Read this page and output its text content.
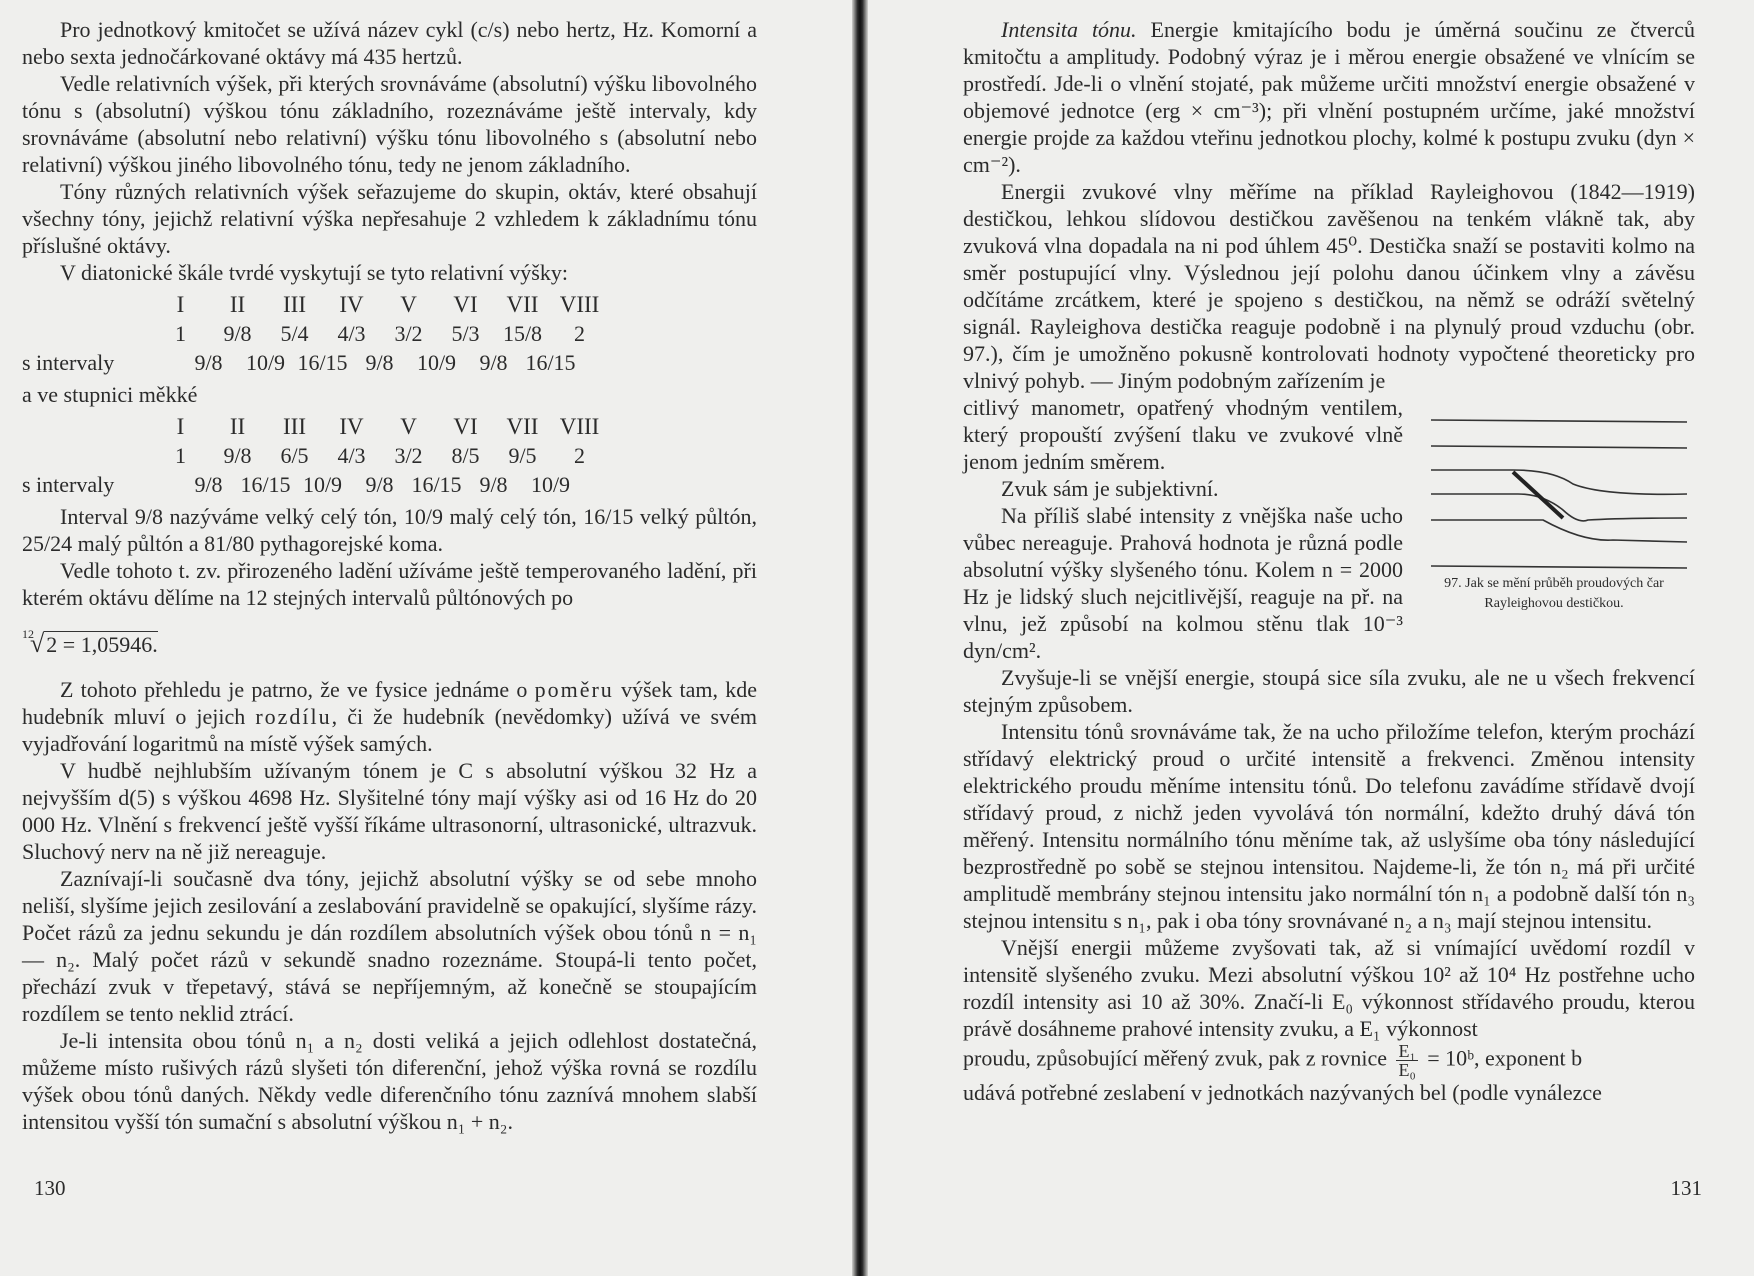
Pro jednotkový kmitočet se užívá název cykl (c/s) nebo hertz, Hz. Komorní a nebo sexta jednočárkované oktávy má 435 hertzů.

Vedle relativních výšek, při kterých srovnáváme (absolutní) výšku libovolného tónu s (absolutní) výškou tónu základního, rozeznáváme ještě intervaly, kdy srovnáváme (absolutní nebo relativní) výšku tónu libovolného s (absolutní nebo relativní) výškou jiného libovolného tónu, tedy ne jenom základního.

Tóny různých relativních výšek seřazujeme do skupin, oktáv, které obsahují všechny tóny, jejichž relativní výška nepřesahuje 2 vzhledem k základnímu tónu příslušné oktávy.

V diatonické škále tvrdé vyskytují se tyto relativní výšky:

I	II	III	IV	V	VI	VII VIII
1	9/8	5/4	4/3	3/2	5/3	15/8	2
s intervaly	9/8	10/9 16/15 9/8	10/9	9/8 16/15

a ve stupnici měkké

I	II	III	IV	V	VI	VII VIII
1	9/8	6/5	4/3	3/2	8/5	9/5	2
s intervaly	9/8 16/15 10/9	9/8 16/15 9/8	10/9

Interval 9/8 nazýváme velký celý tón, 10/9 malý celý tón, 16/15 velký půltón, 25/24 malý půltón a 81/80 pythagorejské koma.

Vedle tohoto t. zv. přirozeného ladění užíváme ještě temperovaného ladění, při kterém oktávu dělíme na 12 stejných intervalů půltónových po

$^{12}$√2 = 1,05946.

Z tohoto přehledu je patrno, že ve fysice jednáme o poměru výšek tam, kde hudebník mluví o jejich rozdílu, či že hudebník (nevědomky) užívá ve svém vyjadřování logaritmů na místě výšek samých.

V hudbě nejhlubším užívaným tónem je C s absolutní výškou 32 Hz a nejvyšším d(5) s výškou 4698 Hz. Slyšitelné tóny mají výšky asi od 16 Hz do 20 000 Hz. Vlnění s frekvencí ještě vyšší říkáme ultrasonorní, ultrasonické, ultrazvuk. Sluchový nerv na ně již nereaguje.

Zaznívají-li současně dva tóny, jejichž absolutní výšky se od sebe mnoho neliší, slyšíme jejich zesilování a zeslabování pravidelně se opakující, slyšíme rázy. Počet rázů za jednu sekundu je dán rozdílem absolutních výšek obou tónů n = n₁ — n₂. Malý počet rázů v sekundě snadno rozeznáme. Stoupá-li tento počet, přechází zvuk v třepetavý, stává se nepříjemným, až konečně se stoupajícím rozdílem se tento neklid ztrácí.

Je-li intensita obou tónů n₁ a n₂ dosti veliká a jejich odlehlost dostatečná, můžeme místo rušivých rázů slyšeti tón diferenční, jehož výška rovná se rozdílu výšek obou tónů daných. Někdy vedle diferenčního tónu zaznívá mnohem slabší intensitou vyšší tón sumační s absolutní výškou n₁ + n₂.

130

Intensita tónu. Energie kmitajícího bodu je úměrná součinu ze čtverců kmitočtu a amplitudy. Podobný výraz je i měrou energie obsažené ve vlnícím se prostředí. Jde-li o vlnění stojaté, pak můžeme určiti množství energie obsažené v objemové jednotce (erg × cm⁻³); při vlnění postupném určíme, jaké množství energie projde za každou vteřinu jednotkou plochy, kolmé k postupu zvuku (dyn × cm⁻²).

Energii zvukové vlny měříme na příklad Rayleighovou (1842—1919) destičkou, lehkou slídovou destičkou zavěšenou na tenkém vlákně tak, aby zvuková vlna dopadala na ni pod úhlem 45⁰. Destička snaží se postaviti kolmo na směr postupující vlny. Výslednou její polohu danou účinkem vlny a závěsu odčítáme zrcátkem, které je spojeno s destičkou, na němž se odráží světelný signál. Rayleighova destička reaguje podobně i na plynulý proud vzduchu (obr. 97.), čím je umožněno pokusně kontrolovati hodnoty vypočtené theoreticky pro vlnivý pohyb. — Jiným podobným zařízením je

citlivý manometr, opatřený vhodným ventilem, který propouští zvýšení tlaku ve zvukové vlně jenom jedním směrem.

Zvuk sám je subjektivní.

Na příliš slabé intensity z vnějška naše ucho vůbec nereaguje. Prahová hodnota je různá podle absolutní výšky slyšeného tónu. Kolem n = 2000 Hz je lidský sluch nejcitlivější, reaguje na př. na vlnu, jež způsobí na kolmou stěnu tlak 10⁻³ dyn/cm².

97. Jak se mění průběh proudových čar Rayleighovou destičkou.

Zvyšuje-li se vnější energie, stoupá sice síla zvuku, ale ne u všech frekvencí stejným způsobem.

Intensitu tónů srovnáváme tak, že na ucho přiložíme telefon, kterým prochází střídavý elektrický proud o určité intensitě a frekvenci. Změnou intensity elektrického proudu měníme intensitu tónů. Do telefonu zavádíme střídavě dvojí střídavý proud, z nichž jeden vyvolává tón normální, kdežto druhý dává tón měřený. Intensitu normálního tónu měníme tak, až uslyšíme oba tóny následující bezprostředně po sobě se stejnou intensitou. Najdeme-li, že tón n₂ má při určité amplitudě membrány stejnou intensitu jako normální tón n₁ a podobně další tón n₃ stejnou intensitu s n₁, pak i oba tóny srovnávané n₂ a n₃ mají stejnou intensitu.

Vnější energii můžeme zvyšovati tak, až si vnímající uvědomí rozdíl v intensitě slyšeného zvuku. Mezi absolutní výškou 10² až 10⁴ Hz postřehne ucho rozdíl intensity asi 10 až 30%. Značí-li E₀ výkonnost střídavého proudu, kterou právě dosáhneme prahové intensity zvuku, a E₁ výkonnost

proudu, způsobující měřený zvuk, pak z rovnice $\frac{\text{E₁}}{\text{E₀}}$ = 10ᵇ, exponent b

udává potřebné zeslabení v jednotkách nazývaných bel (podle vynálezce

131
